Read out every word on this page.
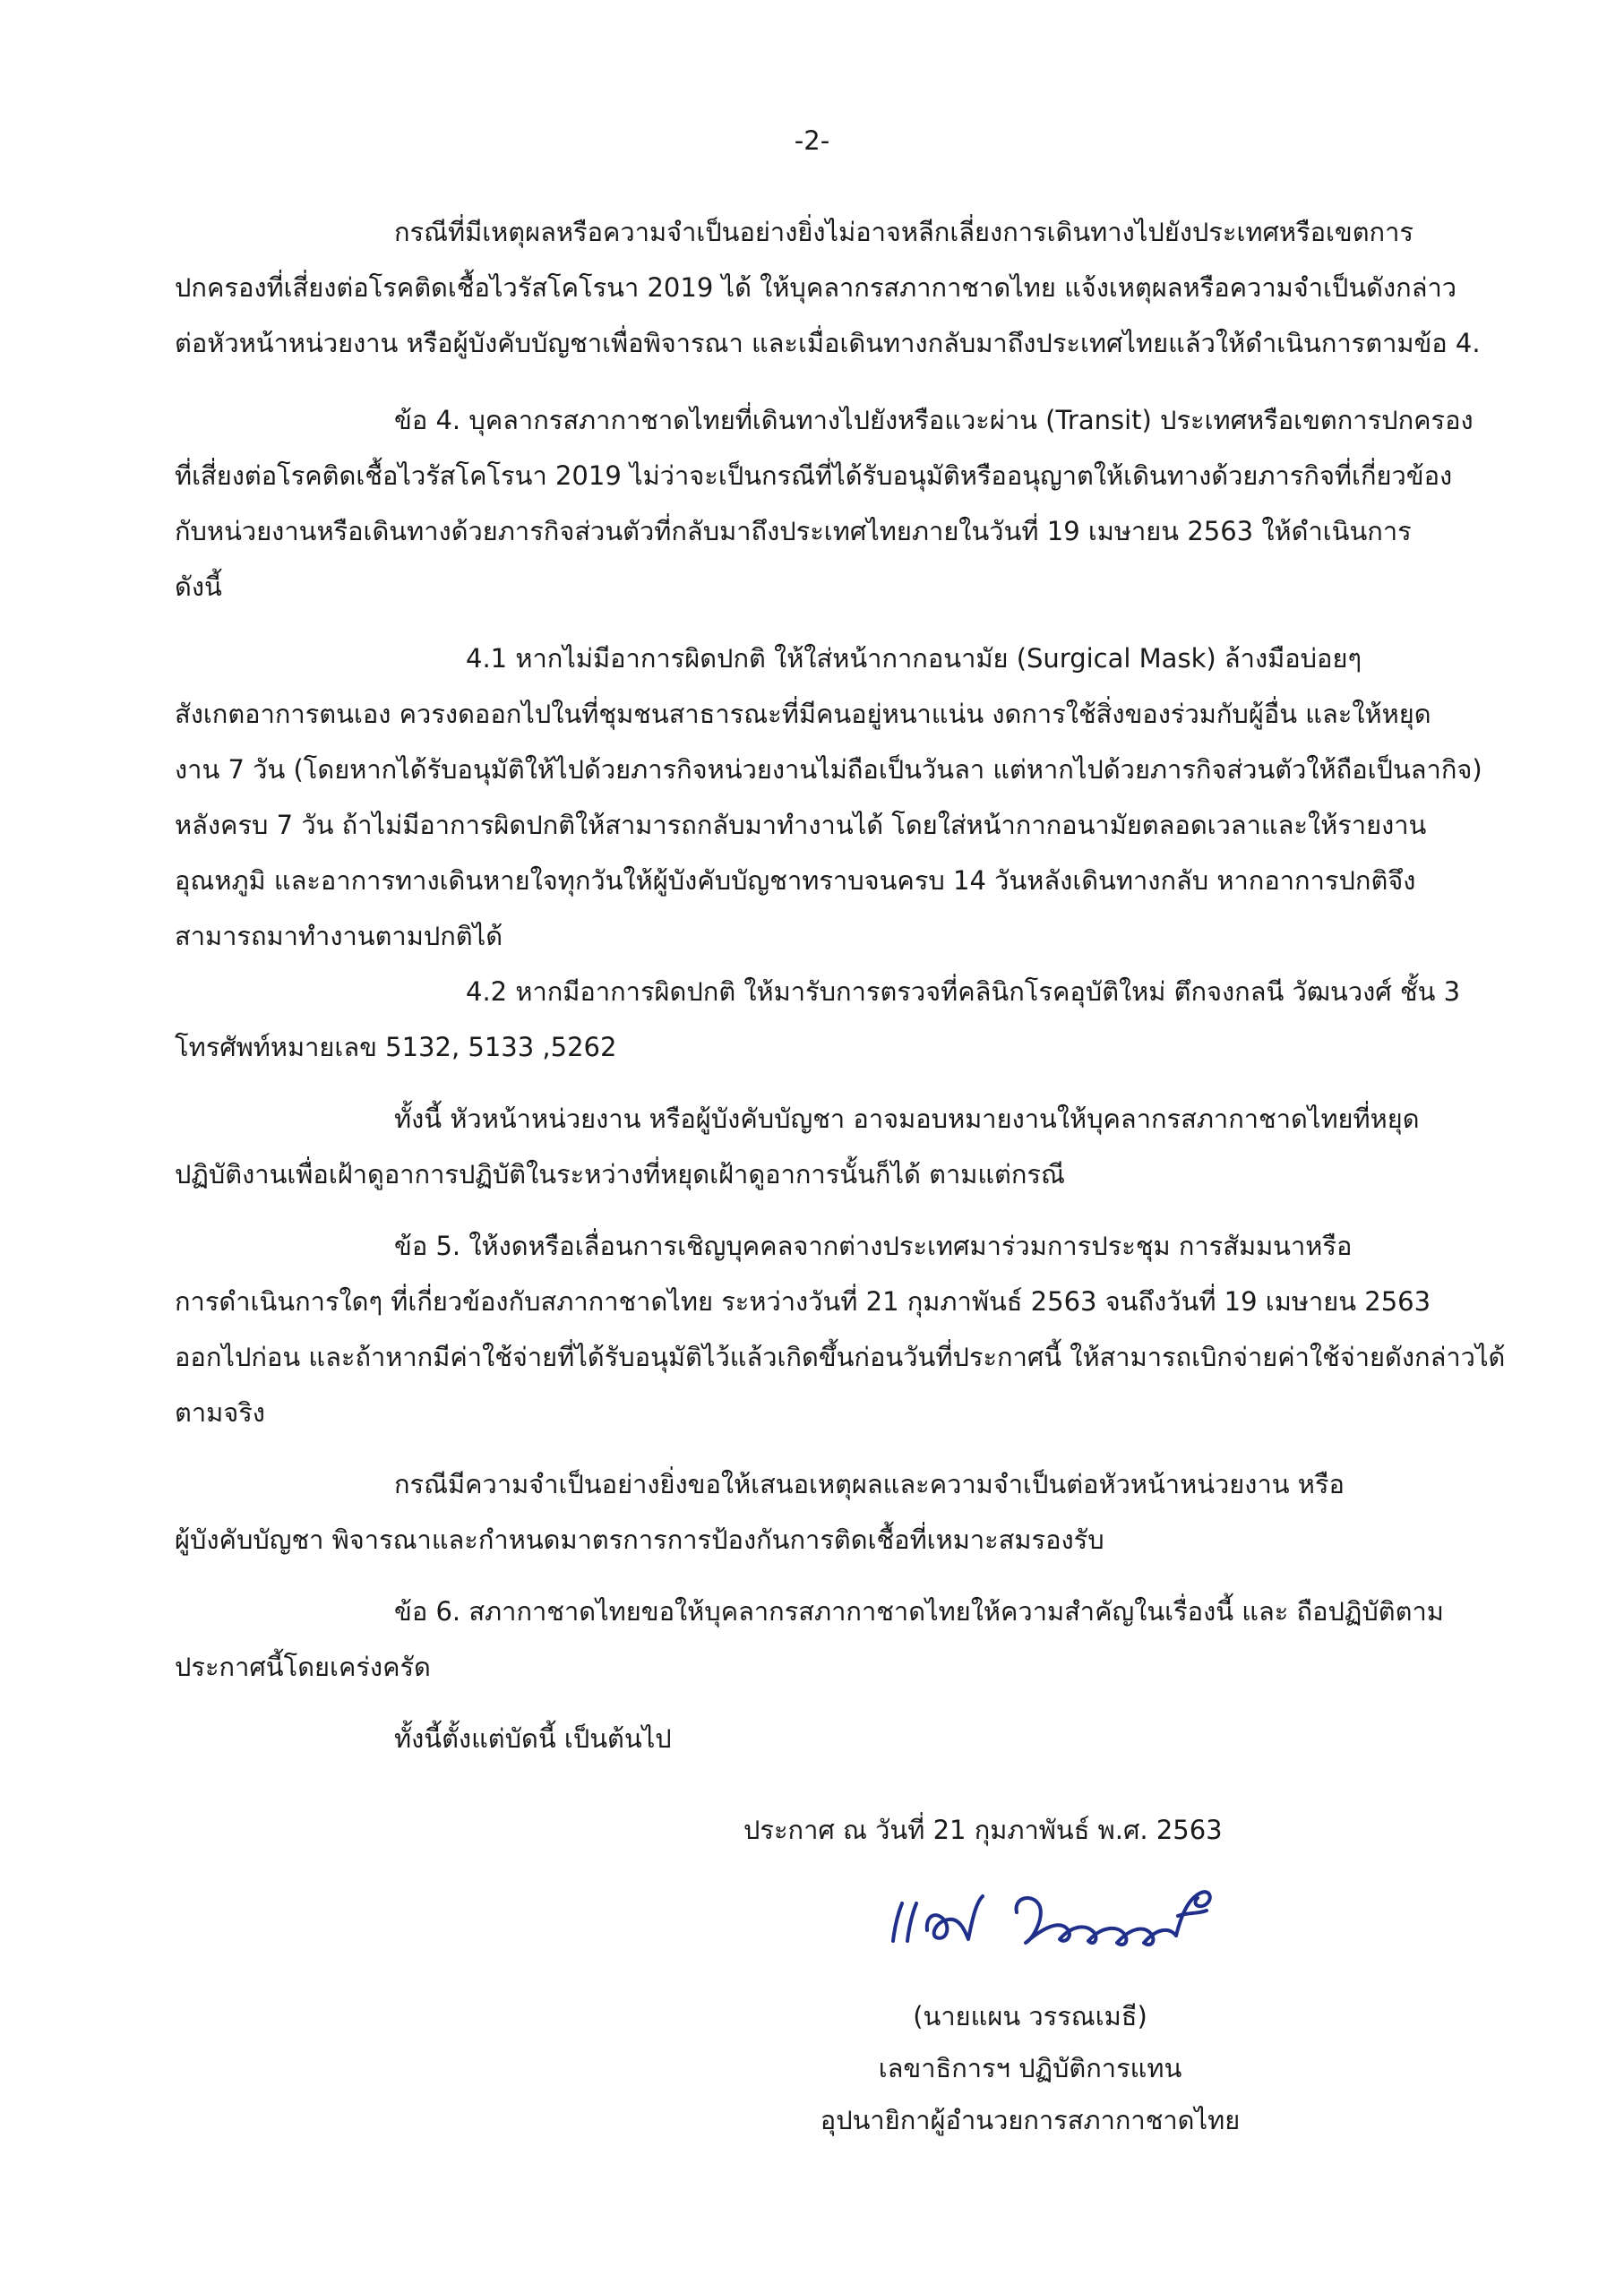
-2-
กรณีที่มีเหตุผลหรือความจำเป็นอย่างยิ่งไม่อาจหลีกเลี่ยงการเดินทางไปยังประเทศหรือเขตการ
ปกครองที่เสี่ยงต่อโรคติดเชื้อไวรัสโคโรนา 2019 ได้ ให้บุคลากรสภากาชาดไทย แจ้งเหตุผลหรือความจำเป็นดังกล่าว
ต่อหัวหน้าหน่วยงาน หรือผู้บังคับบัญชาเพื่อพิจารณา และเมื่อเดินทางกลับมาถึงประเทศไทยแล้วให้ดำเนินการตามข้อ 4.
ข้อ 4. บุคลากรสภากาชาดไทยที่เดินทางไปยังหรือแวะผ่าน (Transit) ประเทศหรือเขตการปกครอง
ที่เสี่ยงต่อโรคติดเชื้อไวรัสโคโรนา 2019 ไม่ว่าจะเป็นกรณีที่ได้รับอนุมัติหรืออนุญาตให้เดินทางด้วยภารกิจที่เกี่ยวข้อง
กับหน่วยงานหรือเดินทางด้วยภารกิจส่วนตัวที่กลับมาถึงประเทศไทยภายในวันที่ 19 เมษายน 2563 ให้ดำเนินการ
ดังนี้
4.1 หากไม่มีอาการผิดปกติ ให้ใส่หน้ากากอนามัย (Surgical Mask) ล้างมือบ่อยๆ
สังเกตอาการตนเอง ควรงดออกไปในที่ชุมชนสาธารณะที่มีคนอยู่หนาแน่น งดการใช้สิ่งของร่วมกับผู้อื่น และให้หยุด
งาน 7 วัน (โดยหากได้รับอนุมัติให้ไปด้วยภารกิจหน่วยงานไม่ถือเป็นวันลา แต่หากไปด้วยภารกิจส่วนตัวให้ถือเป็นลากิจ)
หลังครบ 7 วัน ถ้าไม่มีอาการผิดปกติให้สามารถกลับมาทำงานได้ โดยใส่หน้ากากอนามัยตลอดเวลาและให้รายงาน
อุณหภูมิ และอาการทางเดินหายใจทุกวันให้ผู้บังคับบัญชาทราบจนครบ 14 วันหลังเดินทางกลับ หากอาการปกติจึง
สามารถมาทำงานตามปกติได้
4.2 หากมีอาการผิดปกติ ให้มารับการตรวจที่คลินิกโรคอุบัติใหม่ ตึกจงกลนี วัฒนวงศ์ ชั้น 3
โทรศัพท์หมายเลข 5132, 5133 ,5262
ทั้งนี้ หัวหน้าหน่วยงาน หรือผู้บังคับบัญชา อาจมอบหมายงานให้บุคลากรสภากาชาดไทยที่หยุด
ปฏิบัติงานเพื่อเฝ้าดูอาการปฏิบัติในระหว่างที่หยุดเฝ้าดูอาการนั้นก็ได้ ตามแต่กรณี
ข้อ 5. ให้งดหรือเลื่อนการเชิญบุคคลจากต่างประเทศมาร่วมการประชุม การสัมมนาหรือ
การดำเนินการใดๆ ที่เกี่ยวข้องกับสภากาชาดไทย ระหว่างวันที่ 21 กุมภาพันธ์ 2563 จนถึงวันที่ 19 เมษายน 2563
ออกไปก่อน และถ้าหากมีค่าใช้จ่ายที่ได้รับอนุมัติไว้แล้วเกิดขึ้นก่อนวันที่ประกาศนี้ ให้สามารถเบิกจ่ายค่าใช้จ่ายดังกล่าวได้
ตามจริง
กรณีมีความจำเป็นอย่างยิ่งขอให้เสนอเหตุผลและความจำเป็นต่อหัวหน้าหน่วยงาน หรือ
ผู้บังคับบัญชา พิจารณาและกำหนดมาตรการการป้องกันการติดเชื้อที่เหมาะสมรองรับ
ข้อ 6. สภากาชาดไทยขอให้บุคลากรสภากาชาดไทยให้ความสำคัญในเรื่องนี้ และ ถือปฏิบัติตาม
ประกาศนี้โดยเคร่งครัด
ทั้งนี้ตั้งแต่บัดนี้ เป็นต้นไป
ประกาศ ณ วันที่ 21 กุมภาพันธ์ พ.ศ. 2563
(นายแผน วรรณเมธี)
เลขาธิการฯ ปฏิบัติการแทน
อุปนายิกาผู้อำนวยการสภากาชาดไทย
